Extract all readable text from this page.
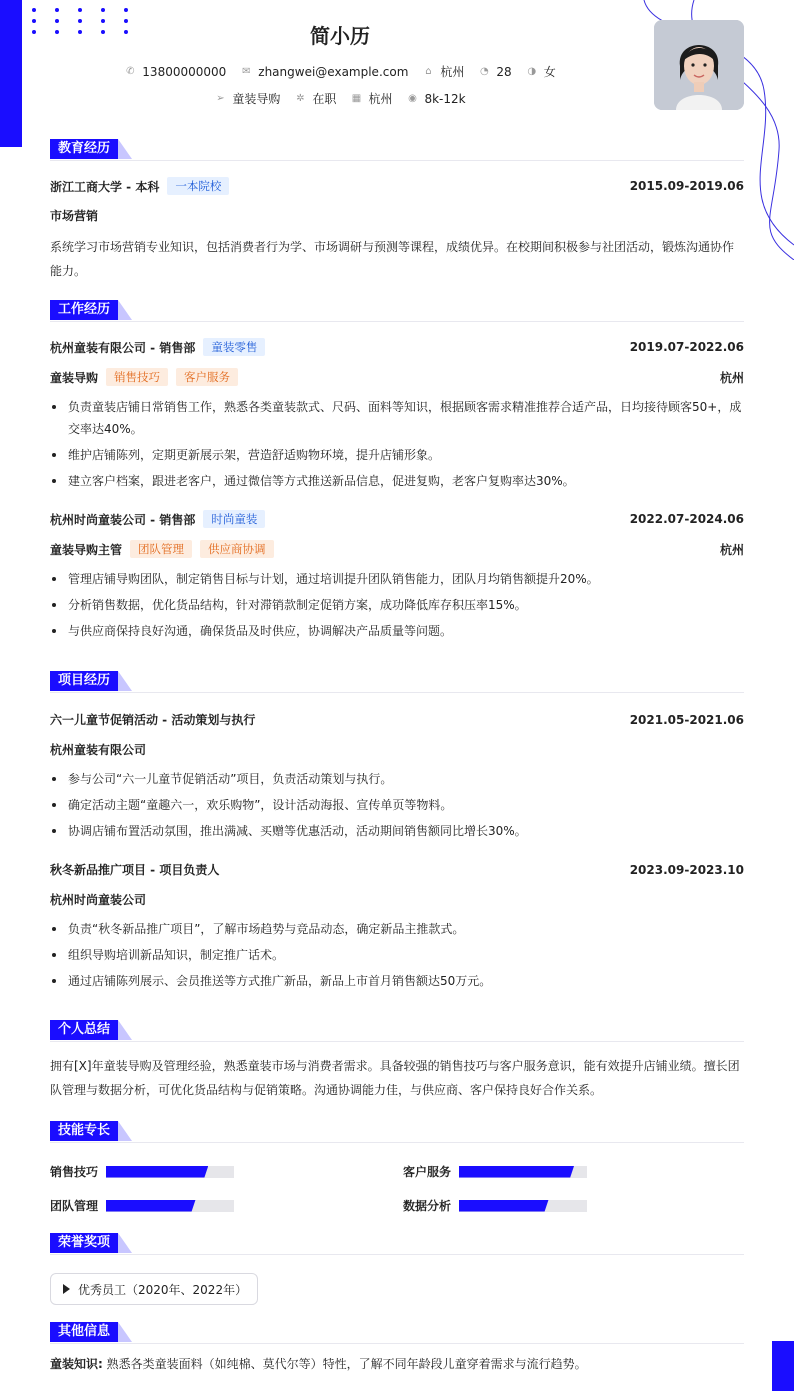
简小历
✆ 13800000000 ✉ zhangwei@example.com ⌂ 杭州 ◔ 28 ◑ 女
➢ 童装导购 ✲ 在职 ▦ 杭州 ◉ 8k-12k
教育经历
浙江工商大学 - 本科	一本院校	2015.09-2019.06
市场营销
系统学习市场营销专业知识，包括消费者行为学、市场调研与预测等课程，成绩优异。在校期间积极参与社团活动，锻炼沟通协作能力。
工作经历
杭州童装有限公司 - 销售部	童装零售	2019.07-2022.06
童装导购	销售技巧	客户服务	杭州
负责童装店铺日常销售工作，熟悉各类童装款式、尺码、面料等知识，根据顾客需求精准推荐合适产品，日均接待顾客50+，成交率达40%。
维护店铺陈列，定期更新展示架，营造舒适购物环境，提升店铺形象。
建立客户档案，跟进老客户，通过微信等方式推送新品信息，促进复购，老客户复购率达30%。
杭州时尚童装公司 - 销售部	时尚童装	2022.07-2024.06
童装导购主管	团队管理	供应商协调	杭州
管理店铺导购团队，制定销售目标与计划，通过培训提升团队销售能力，团队月均销售额提升20%。
分析销售数据，优化货品结构，针对滞销款制定促销方案，成功降低库存积压率15%。
与供应商保持良好沟通，确保货品及时供应，协调解决产品质量等问题。
项目经历
六一儿童节促销活动 - 活动策划与执行	2021.05-2021.06
杭州童装有限公司
参与公司“六一儿童节促销活动”项目，负责活动策划与执行。
确定活动主题“童趣六一，欢乐购物”，设计活动海报、宣传单页等物料。
协调店铺布置活动氛围，推出满减、买赠等优惠活动，活动期间销售额同比增长30%。
秋冬新品推广项目 - 项目负责人	2023.09-2023.10
杭州时尚童装公司
负责“秋冬新品推广项目”，了解市场趋势与竞品动态，确定新品主推款式。
组织导购培训新品知识，制定推广话术。
通过店铺陈列展示、会员推送等方式推广新品，新品上市首月销售额达50万元。
个人总结
拥有[X]年童装导购及管理经验，熟悉童装市场与消费者需求。具备较强的销售技巧与客户服务意识，能有效提升店铺业绩。擅长团队管理与数据分析，可优化货品结构与促销策略。沟通协调能力佳，与供应商、客户保持良好合作关系。
技能专长
销售技巧	客户服务
团队管理	数据分析
荣誉奖项
优秀员工（2020年、2022年）
其他信息
童装知识: 熟悉各类童装面料（如纯棉、莫代尔等）特性，了解不同年龄段儿童穿着需求与流行趋势。
